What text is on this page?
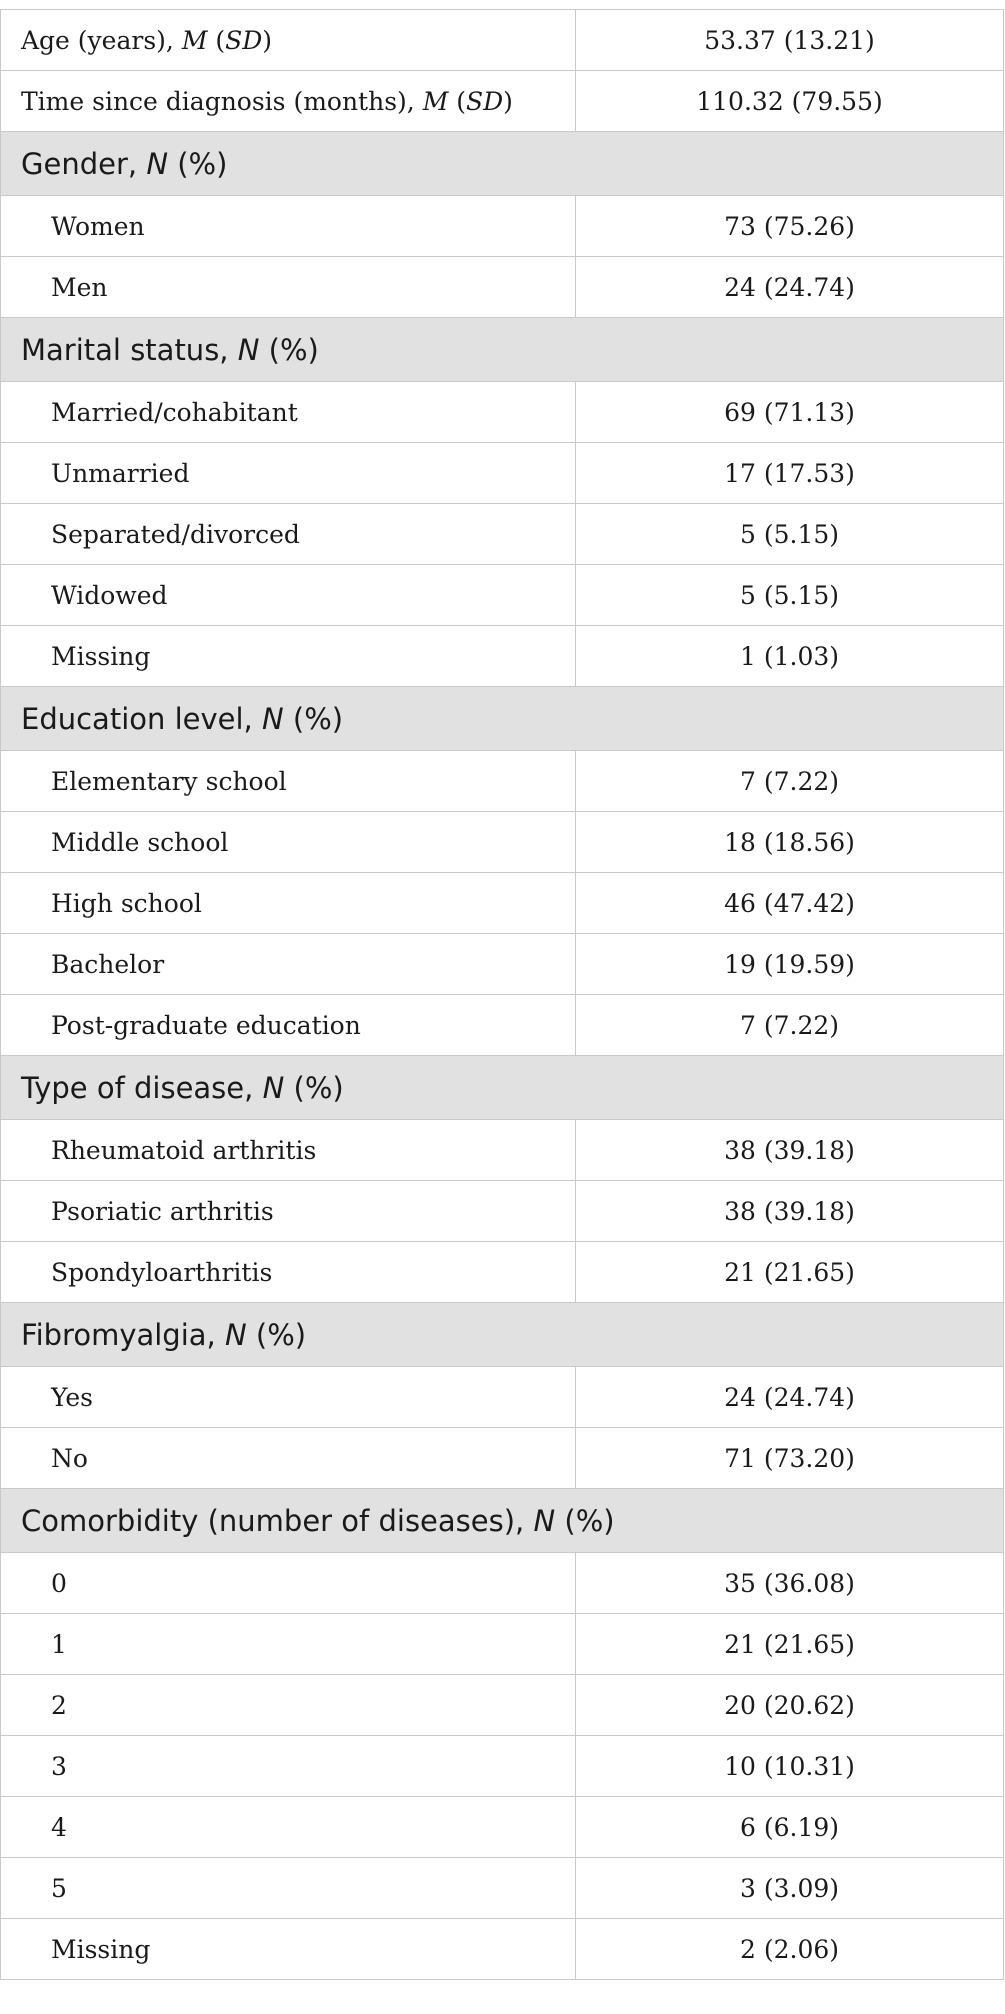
Age (years), M (SD)	53.37 (13.21)
Time since diagnosis (months), M (SD)	110.32 (79.55)
Gender, N (%)	
Women	73 (75.26)
Men	24 (24.74)
Marital status, N (%)	
Married/cohabitant	69 (71.13)
Unmarried	17 (17.53)
Separated/divorced	5 (5.15)
Widowed	5 (5.15)
Missing	1 (1.03)
Education level, N (%)	
Elementary school	7 (7.22)
Middle school	18 (18.56)
High school	46 (47.42)
Bachelor	19 (19.59)
Post-graduate education	7 (7.22)
Type of disease, N (%)	
Rheumatoid arthritis	38 (39.18)
Psoriatic arthritis	38 (39.18)
Spondyloarthritis	21 (21.65)
Fibromyalgia, N (%)	
Yes	24 (24.74)
No	71 (73.20)
Comorbidity (number of diseases), N (%)	
0	35 (36.08)
1	21 (21.65)
2	20 (20.62)
3	10 (10.31)
4	6 (6.19)
5	3 (3.09)
Missing	2 (2.06)
